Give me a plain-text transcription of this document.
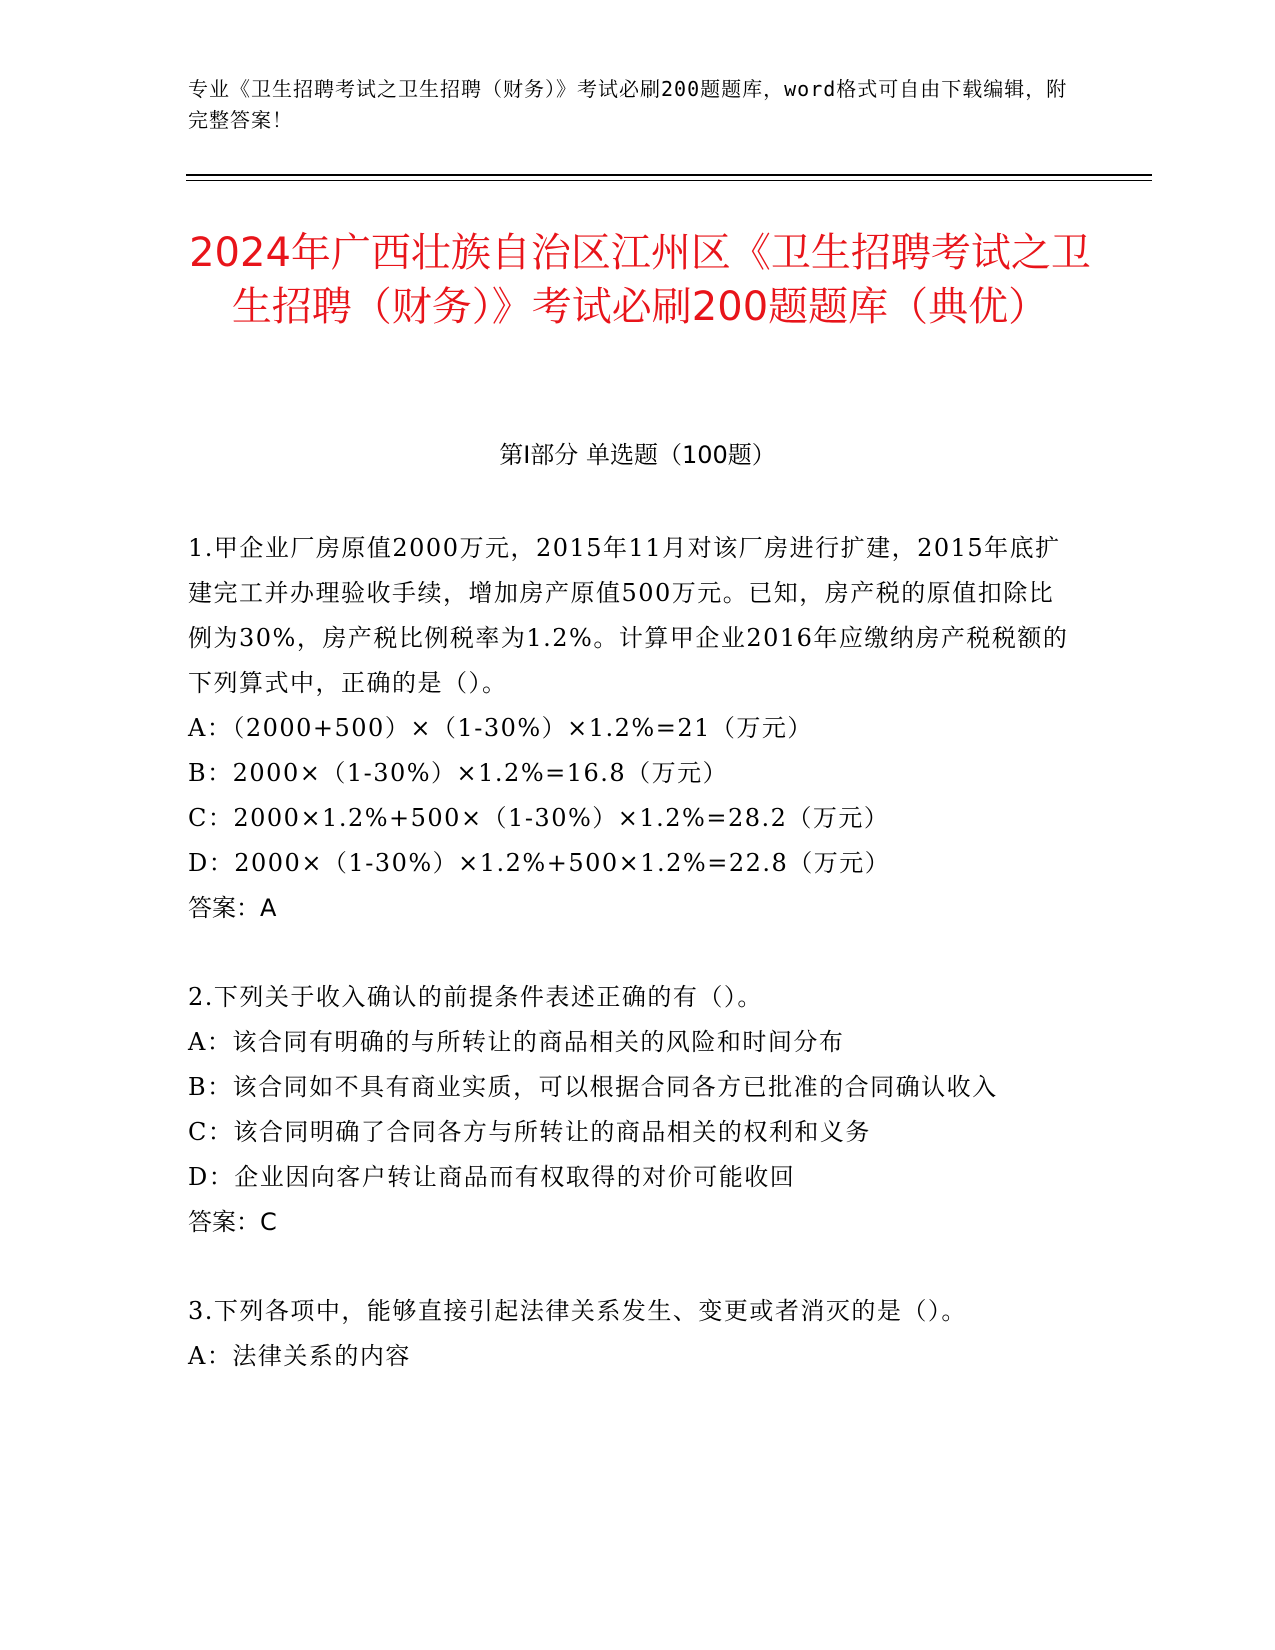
专业《卫生招聘考试之卫生招聘（财务）》考试必刷200题题库，word格式可自由下载编辑，附完整答案！
2024年广西壮族自治区江州区《卫生招聘考试之卫生招聘（财务）》考试必刷200题题库（典优）
第Ⅰ部分 单选题（100题）

1.甲企业厂房原值2000万元，2015年11月对该厂房进行扩建，2015年底扩建完工并办理验收手续，增加房产原值500万元。已知，房产税的原值扣除比例为30%，房产税比例税率为1.2%。计算甲企业2016年应缴纳房产税税额的下列算式中，正确的是（）。

A：（2000+500）×（1-30%）×1.2%=21（万元）

B：2000×（1-30%）×1.2%=16.8（万元）

C：2000×1.2%+500×（1-30%）×1.2%=28.2（万元）

D：2000×（1-30%）×1.2%+500×1.2%=22.8（万元）

答案：A

2.下列关于收入确认的前提条件表述正确的有（）。

A：该合同有明确的与所转让的商品相关的风险和时间分布

B：该合同如不具有商业实质，可以根据合同各方已批准的合同确认收入

C：该合同明确了合同各方与所转让的商品相关的权利和义务

D：企业因向客户转让商品而有权取得的对价可能收回

答案：C

3.下列各项中，能够直接引起法律关系发生、变更或者消灭的是（）。

A：法律关系的内容
